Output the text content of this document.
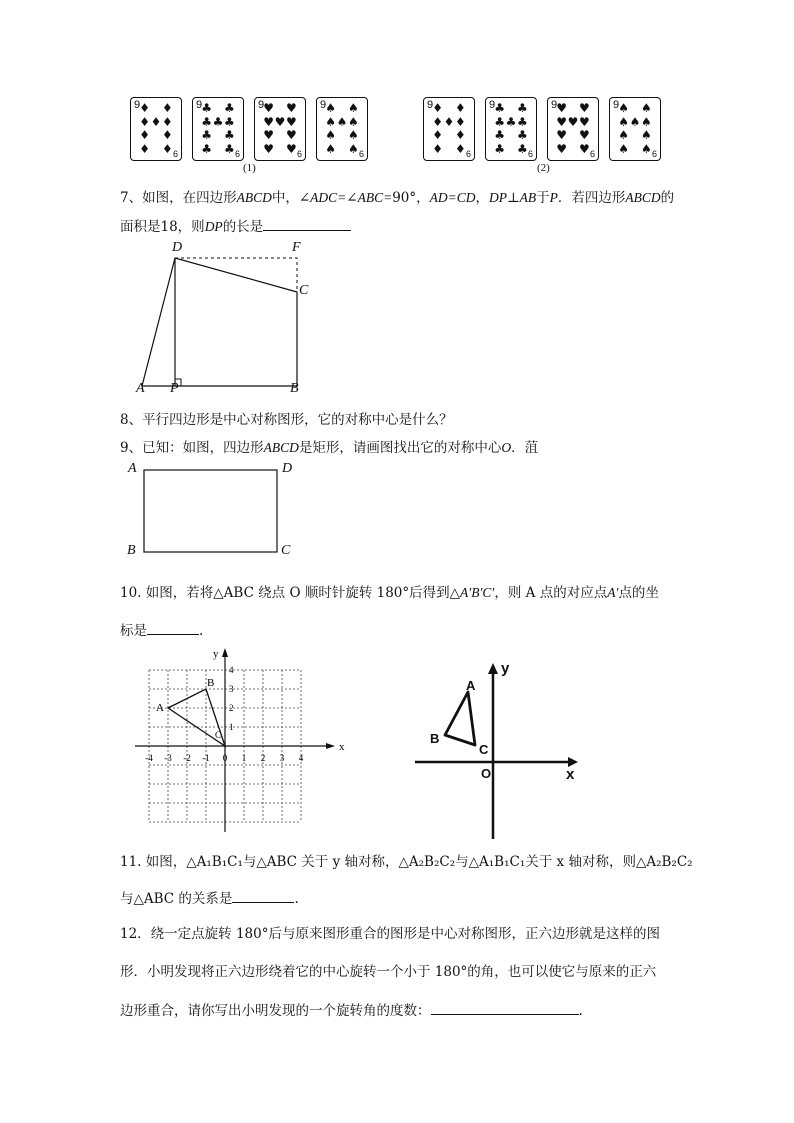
9 ♦ ♦
♦ ♦ ♦
♦ ♦
♦ ♦ 6
9 ♣ ♣
♣ ♣ ♣
♣ ♣
♣ ♣ 6
9 ♥ ♥
♥ ♥ ♥
♥ ♥
♥ ♥ 6
9 ♠ ♠
♠ ♠ ♠
♠ ♠
♠ ♠ 6
9 ♦ ♦
♦ ♦ ♦
♦ ♦
♦ ♦ 6
9 ♣ ♣
♣ ♣ ♣
♣ ♣
♣ ♣ 6
9 ♥ ♥
♥ ♥ ♥
♥ ♥
♥ ♥ 6
9 ♠ ♠
♠ ♠ ♠
♠ ♠
♠ ♠ 6
(1)	(2)
7、如图，在四边形ABCD中，∠ADC=∠ABC=90°，AD=CD，DP⊥AB于P．若四边形ABCD的
面积是18，则DP的长是
D	F
C
A P	B
8、平行四边形是中心对称图形，它的对称中心是什么？
9、已知：如图，四边形ABCD是矩形，请画图找出它的对称中心O．菹
A	D
B	C
10. 如图，若将△ABC 绕点 O 顺时针旋转 180°后得到△A′B′C′，则 A 点的对应点A′点的坐
标是	.
x
y
-4 -3 -2 -1 0 1 2 3 4
4
3
2
1
A
B
C
y
x
O
A
B
C
11. 如图，△A₁B₁C₁与△ABC 关于 y 轴对称，△A₂B₂C₂与△A₁B₁C₁关于 x 轴对称，则△A₂B₂C₂
与△ABC 的关系是	.
12．绕一定点旋转 180°后与原来图形重合的图形是中心对称图形，正六边形就是这样的图
形．小明发现将正六边形绕着它的中心旋转一个小于 180°的角，也可以使它与原来的正六
边形重合，请你写出小明发现的一个旋转角的度数：	.
